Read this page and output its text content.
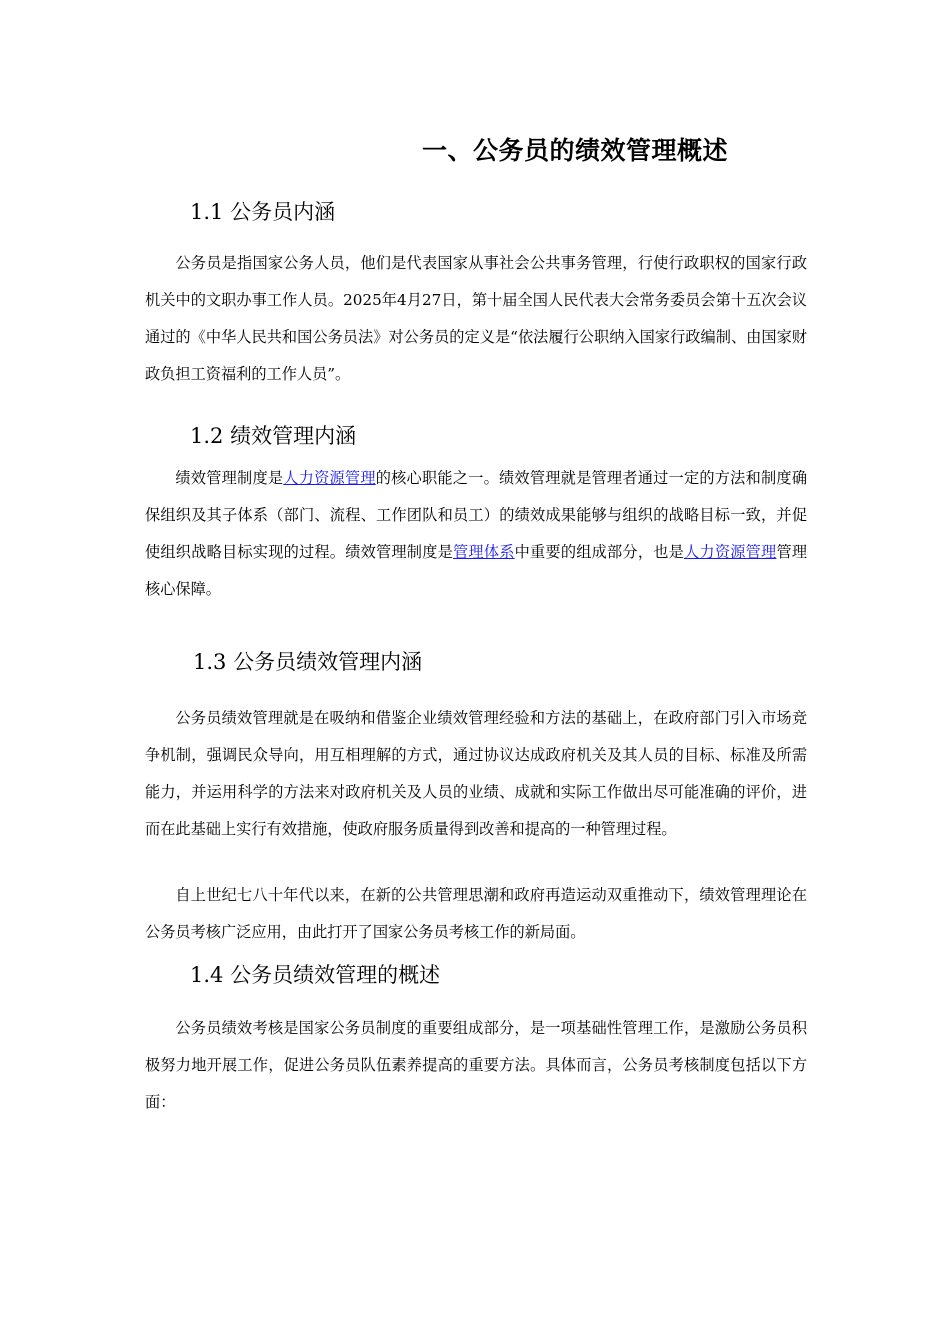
一、公务员的绩效管理概述
1.1 公务员内涵

公务员是指国家公务人员，他们是代表国家从事社会公共事务管理，行使行政职权的国家行政机关中的文职办事工作人员。2025年4月27日，第十届全国人民代表大会常务委员会第十五次会议通过的《中华人民共和国公务员法》对公务员的定义是“依法履行公职纳入国家行政编制、由国家财政负担工资福利的工作人员”。

1.2 绩效管理内涵

绩效管理制度是人力资源管理的核心职能之一。绩效管理就是管理者通过一定的方法和制度确保组织及其子体系（部门、流程、工作团队和员工）的绩效成果能够与组织的战略目标一致，并促使组织战略目标实现的过程。绩效管理制度是管理体系中重要的组成部分，也是人力资源管理管理核心保障。

1.3 公务员绩效管理内涵

公务员绩效管理就是在吸纳和借鉴企业绩效管理经验和方法的基础上，在政府部门引入市场竞争机制，强调民众导向，用互相理解的方式，通过协议达成政府机关及其人员的目标、标准及所需能力，并运用科学的方法来对政府机关及人员的业绩、成就和实际工作做出尽可能准确的评价，进而在此基础上实行有效措施，使政府服务质量得到改善和提高的一种管理过程。

自上世纪七八十年代以来，在新的公共管理思潮和政府再造运动双重推动下，绩效管理理论在公务员考核广泛应用，由此打开了国家公务员考核工作的新局面。

1.4 公务员绩效管理的概述

公务员绩效考核是国家公务员制度的重要组成部分，是一项基础性管理工作，是激励公务员积极努力地开展工作，促进公务员队伍素养提高的重要方法。具体而言，公务员考核制度包括以下方面：
